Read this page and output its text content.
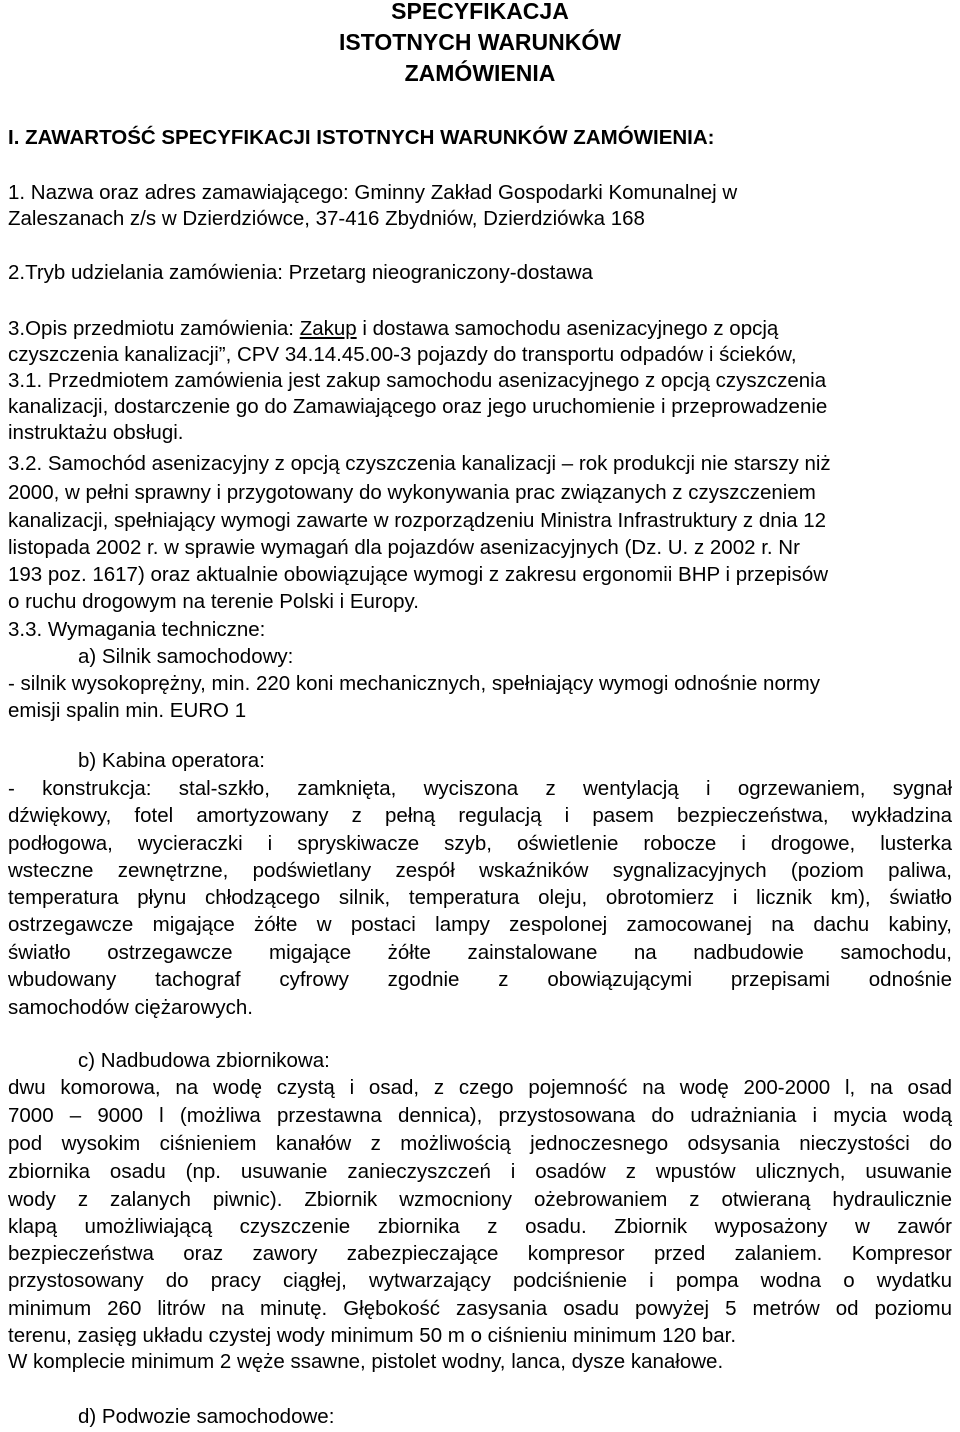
SPECYFIKACJA
ISTOTNYCH WARUNKÓW
ZAMÓWIENIA
I. ZAWARTOŚĆ SPECYFIKACJI ISTOTNYCH WARUNKÓW ZAMÓWIENIA:
1. Nazwa oraz adres zamawiającego: Gminny Zakład Gospodarki Komunalnej w
Zaleszanach z/s w Dzierdziówce, 37-416 Zbydniów, Dzierdziówka 168
2.Tryb udzielania zamówienia: Przetarg nieograniczony-dostawa
3.Opis przedmiotu zamówienia: Zakup i dostawa samochodu asenizacyjnego z opcją
czyszczenia kanalizacji”, CPV 34.14.45.00-3 pojazdy do transportu odpadów i ścieków,
3.1. Przedmiotem zamówienia jest zakup samochodu asenizacyjnego z opcją czyszczenia
kanalizacji, dostarczenie go do Zamawiającego oraz jego uruchomienie i przeprowadzenie
instruktażu obsługi.
3.2. Samochód asenizacyjny z opcją czyszczenia kanalizacji – rok produkcji nie starszy niż
2000, w pełni sprawny i przygotowany do wykonywania prac związanych z czyszczeniem
kanalizacji, spełniający wymogi zawarte w rozporządzeniu Ministra Infrastruktury z dnia 12
listopada 2002 r. w sprawie wymagań dla pojazdów asenizacyjnych (Dz. U. z 2002 r. Nr
193 poz. 1617) oraz aktualnie obowiązujące wymogi z zakresu ergonomii BHP i przepisów
o ruchu drogowym na terenie Polski i Europy.
3.3. Wymagania techniczne:
a) Silnik samochodowy:
- silnik wysokoprężny, min. 220 koni mechanicznych, spełniający wymogi odnośnie normy
emisji spalin min. EURO 1
b) Kabina operatora:
- konstrukcja: stal-szkło, zamknięta, wyciszona z wentylacją i ogrzewaniem, sygnał
dźwiękowy, fotel amortyzowany z pełną regulacją i pasem bezpieczeństwa, wykładzina
podłogowa, wycieraczki i spryskiwacze szyb, oświetlenie robocze i drogowe, lusterka
wsteczne zewnętrzne, podświetlany zespół wskaźników sygnalizacyjnych (poziom paliwa,
temperatura płynu chłodzącego silnik, temperatura oleju, obrotomierz i licznik km), światło
ostrzegawcze migające żółte w postaci lampy zespolonej zamocowanej na dachu kabiny,
światło ostrzegawcze migające żółte zainstalowane na nadbudowie samochodu,
wbudowany tachograf cyfrowy zgodnie z obowiązującymi przepisami odnośnie
samochodów ciężarowych.
c) Nadbudowa zbiornikowa:
dwu komorowa, na wodę czystą i osad, z czego pojemność na wodę 200-2000 l, na osad
7000 – 9000 l (możliwa przestawna dennica), przystosowana do udrażniania i mycia wodą
pod wysokim ciśnieniem kanałów z możliwością jednoczesnego odsysania nieczystości do
zbiornika osadu (np. usuwanie zanieczyszczeń i osadów z wpustów ulicznych, usuwanie
wody z zalanych piwnic). Zbiornik wzmocniony ożebrowaniem z otwieraną hydraulicznie
klapą umożliwiającą czyszczenie zbiornika z osadu. Zbiornik wyposażony w zawór
bezpieczeństwa oraz zawory zabezpieczające kompresor przed zalaniem. Kompresor
przystosowany do pracy ciągłej, wytwarzający podciśnienie i pompa wodna o wydatku
minimum 260 litrów na minutę. Głębokość zasysania osadu powyżej 5 metrów od poziomu
terenu, zasięg układu czystej wody minimum 50 m o ciśnieniu minimum 120 bar.
W komplecie minimum 2 węże ssawne, pistolet wodny, lanca, dysze kanałowe.
d) Podwozie samochodowe:
